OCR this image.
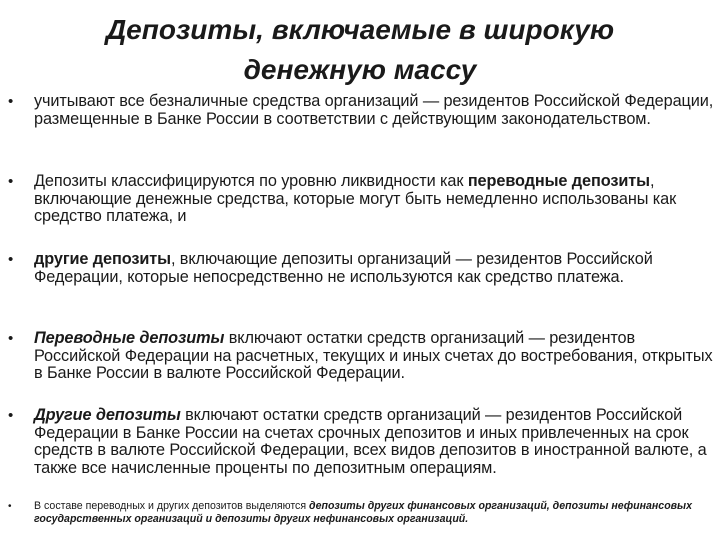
Депозиты, включаемые в широкую
денежную массу
• учитывают все безналичные средства организаций — резидентов Российской Федерации, размещенные в Банке России в соответствии с действующим законодательством.
• Депозиты классифицируются по уровню ликвидности как переводные депозиты, включающие денежные средства, которые могут быть немедленно использованы как средство платежа, и
• другие депозиты, включающие депозиты организаций — резидентов Российской Федерации, которые непосредственно не используются как средство платежа.
• Переводные депозиты включают остатки средств организаций — резидентов Российской Федерации на расчетных, текущих и иных счетах до востребования, открытых в Банке России в валюте Российской Федерации.
• Другие депозиты включают остатки средств организаций — резидентов Российской Федерации в Банке России на счетах срочных депозитов и иных привлеченных на срок средств в валюте Российской Федерации, всех видов депозитов в иностранной валюте, а также все начисленные проценты по депозитным операциям.
• В составе переводных и других депозитов выделяются депозиты других финансовых организаций, депозиты нефинансовых государственных организаций и депозиты других нефинансовых организаций.
